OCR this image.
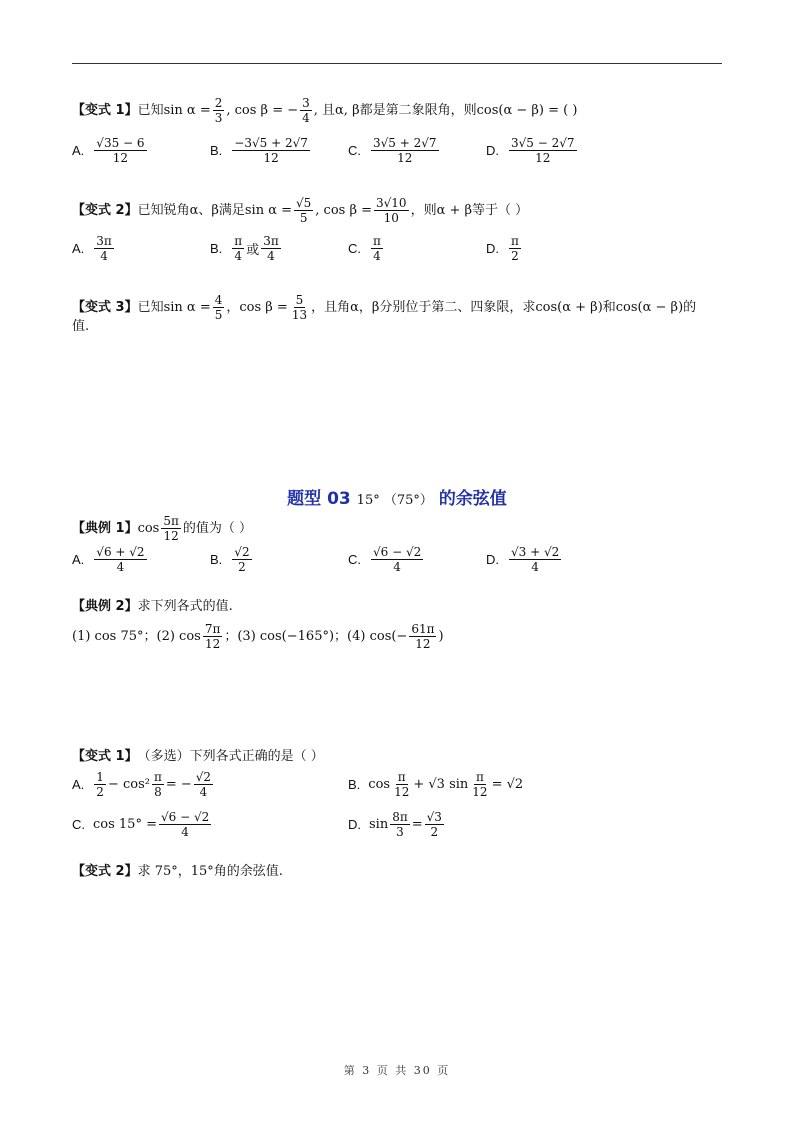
【变式 1】 已知 $\sin \alpha = \frac{2}{3}$ , cos β = − $\frac{3}{4}$ , 且α, β都是第二象限角，则cos(α − β) = ( )
A. $\frac{√35 - 6}{12}$	B. $\frac{-3√5 + 2√7}{12}$	C. $\frac{3√5 + 2√7}{12}$	D. $\frac{3√5 - 2√7}{12}$
【变式 2】 已知锐角α、β满足$\sin \alpha = \frac{√5}{5}$ , $\cos \beta = \frac{3√10}{10}$ ，则α + β等于（ ）
A. $\frac{3\pi}{4}$	B. $\frac{\pi}{4}$ 或 $\frac{3\pi}{4}$	C. $\frac{\pi}{4}$	D. $\frac{\pi}{2}$
【变式 3】 已知$\sin \alpha = \frac{4}{5}$ ，$\cos \beta = \frac{5}{13}$ ，且角α，β分别位于第二、四象限，求cos(α + β)和cos(α − β)的
值.
题型 03 15° （75°） 的余弦值
【典例 1】 $\cos \frac{5\pi}{12}$ 的值为（ ）
A. $\frac{√6 + √2}{4}$	B. $\frac{√2}{2}$	C. $\frac{√6 - √2}{4}$	D. $\frac{√3 + √2}{4}$
【典例 2】 求下列各式的值.
(1) cos 75°；(2) $\cos \frac{7\pi}{12}$ ；(3) cos(−165°)；(4) $\cos(- \frac{61\pi}{12}$ )
【变式 1】 （多选）下列各式正确的是（ ）
A. $\frac{1}{2} - \cos^2 \frac{\pi}{8}$ = − $\frac{√2}{4}$	B. $\cos \frac{\pi}{12} + √3$ $\sin \frac{\pi}{12} = √2$
C. $\cos 15^\circ = \frac{√6 - √2}{4}$	D. $\sin \frac{8\pi}{3} = \frac{√3}{2}$
【变式 2】 求 75°，15°角的余弦值.
第 3 页 共 30 页
